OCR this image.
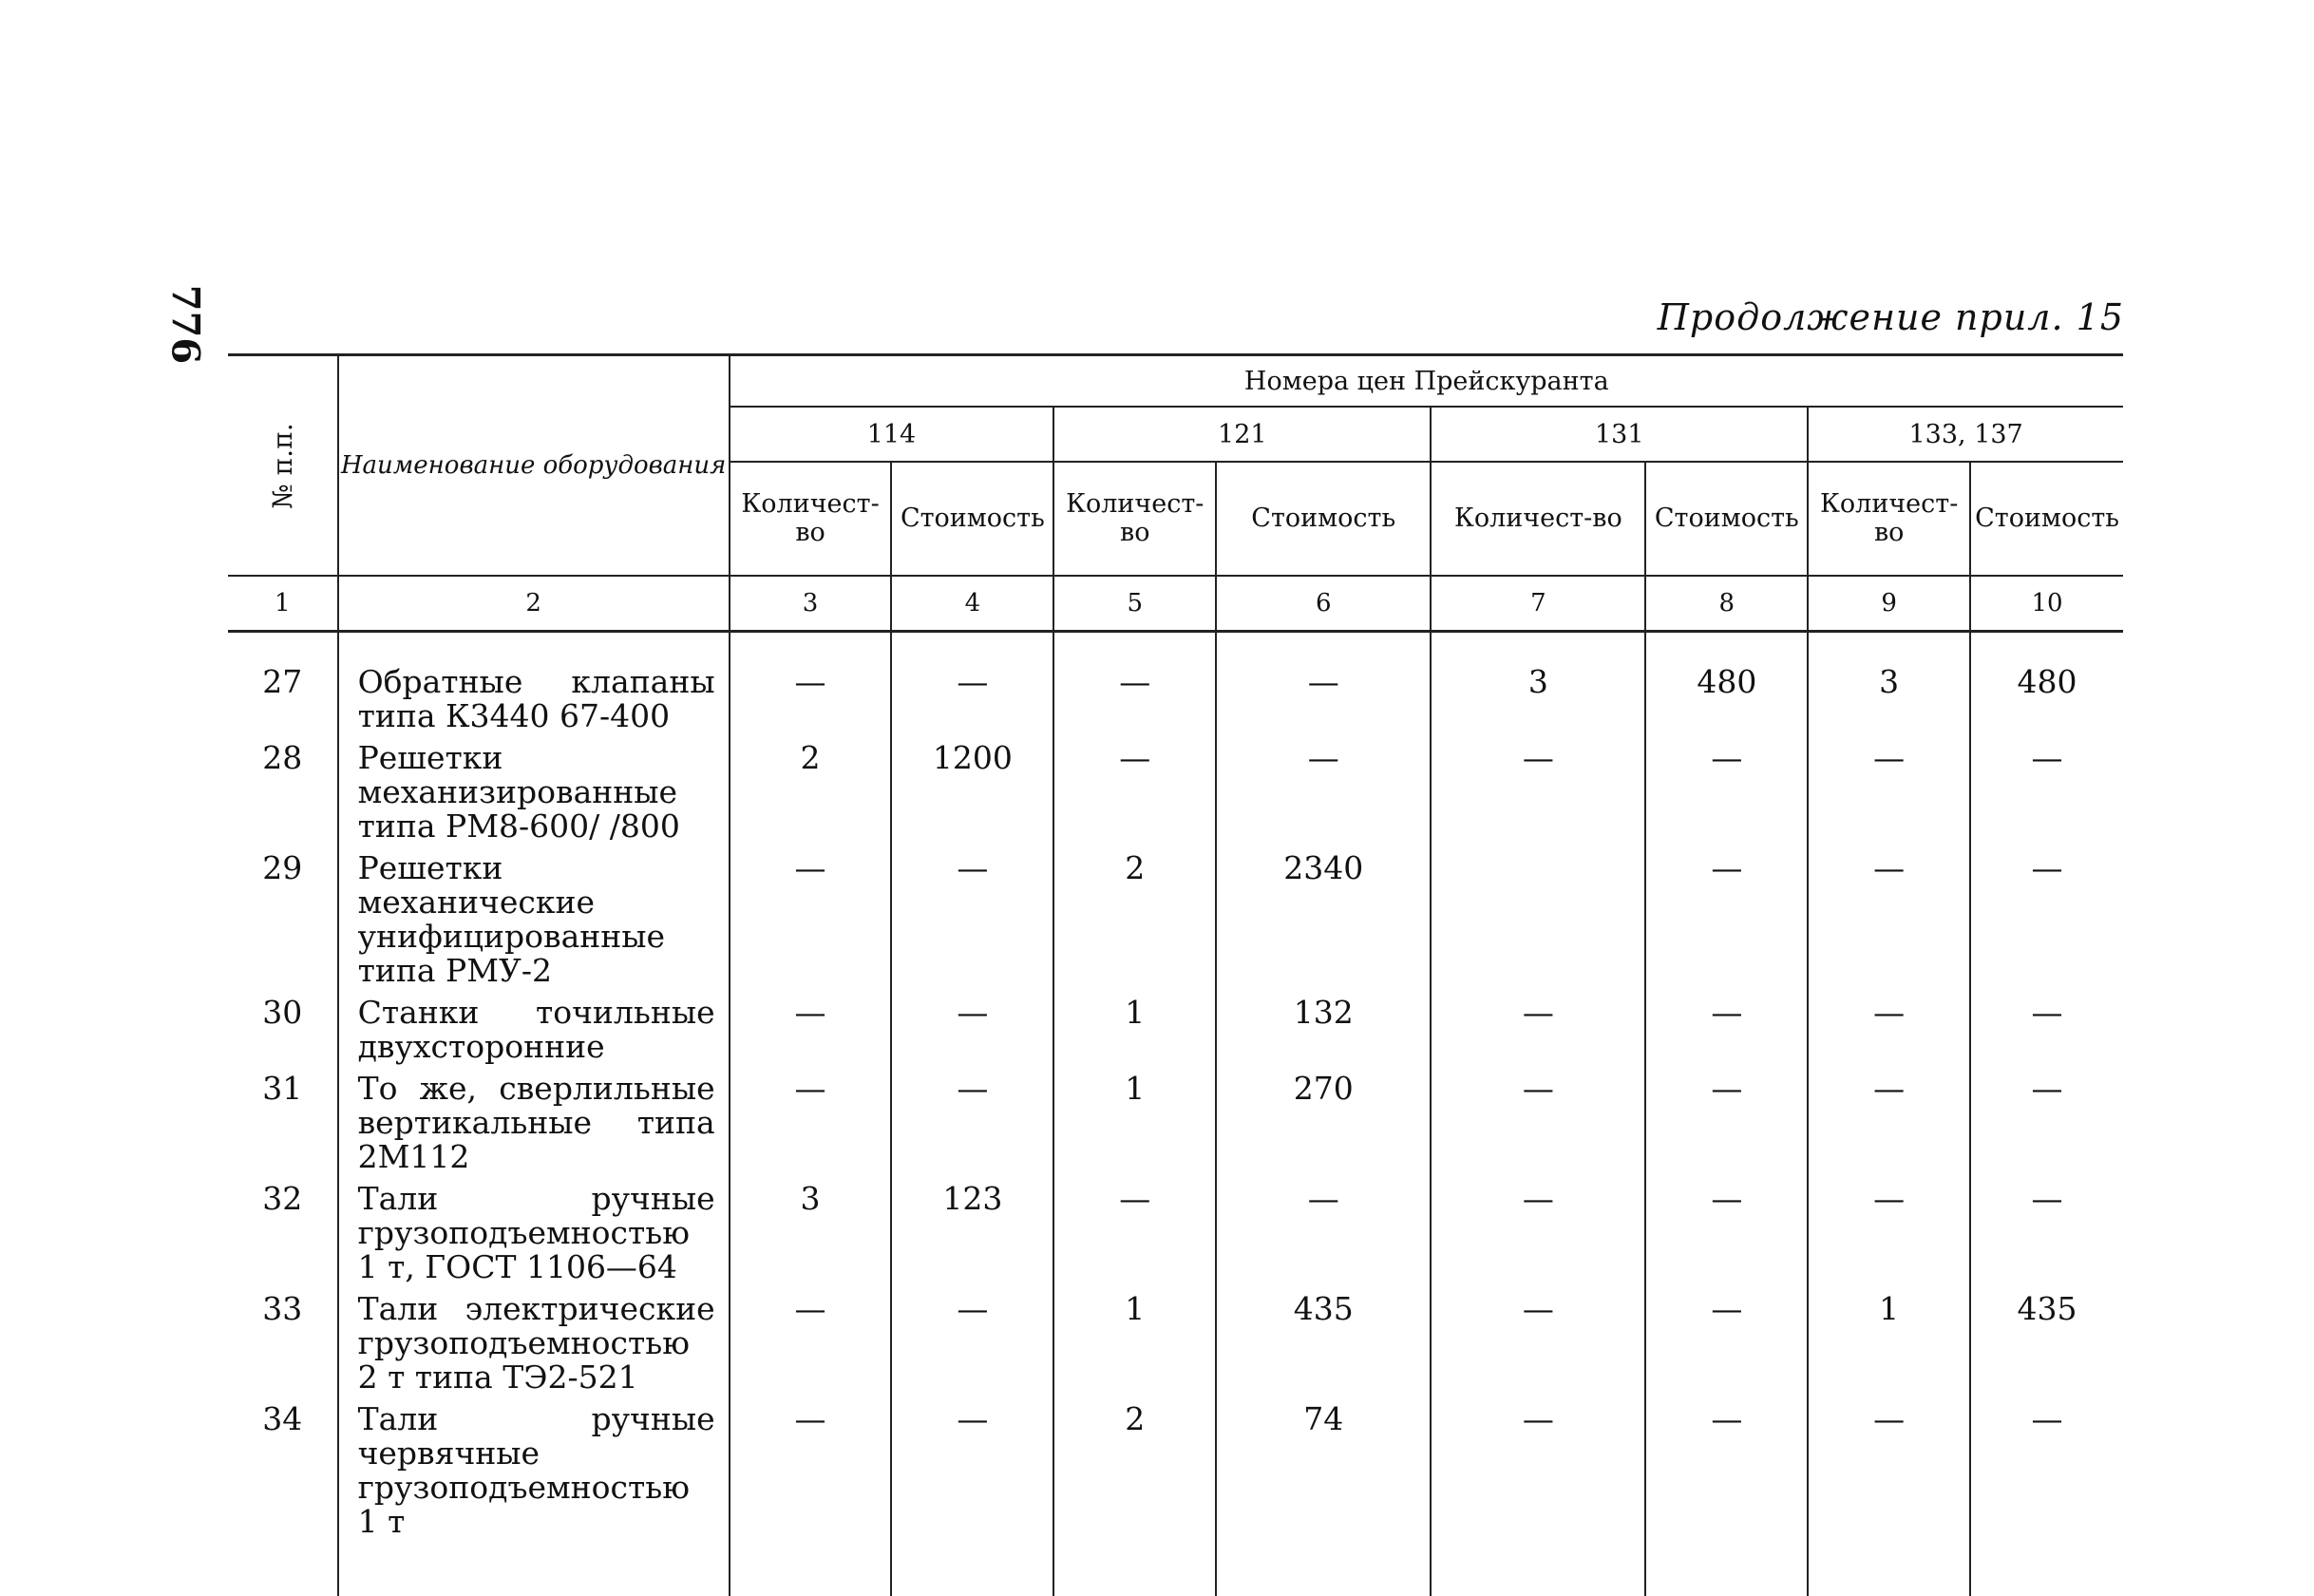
776	Продолжение прил. 15
№ п.п.	Наименование оборудования	Номера цен Прейскуранта							
		114		121		131		133, 137	
		Количест-во	Стоимость	Количест-во	Стоимость	Количест-во	Стоимость	Количест-во	Стоимость
1	2	3	4	5	6	7	8	9	10

27	Обратные клапаны типа К3440 67-400	—	—	—	—	3	480	3	480
28	Решетки механизированные типа РМ8-600/ /800	2	1200	—	—	—	—	—	—
29	Решетки механические унифицированные типа РМУ-2	—	—	2	2340		—	—	—
30	Станки точильные двухсторонние	—	—	1	132	—	—	—	—
31	То же, сверлильные вертикальные типа 2М112	—	—	1	270	—	—	—	—
32	Тали ручные грузоподъемностью 1 т, ГОСТ 1106—64	3	123	—	—	—	—	—	—
33	Тали электрические грузоподъемностью 2 т типа ТЭ2-521	—	—	1	435	—	—	1	435
34	Тали ручные червячные грузоподъемностью 1 т	—	—	2	74	—	—	—	—
